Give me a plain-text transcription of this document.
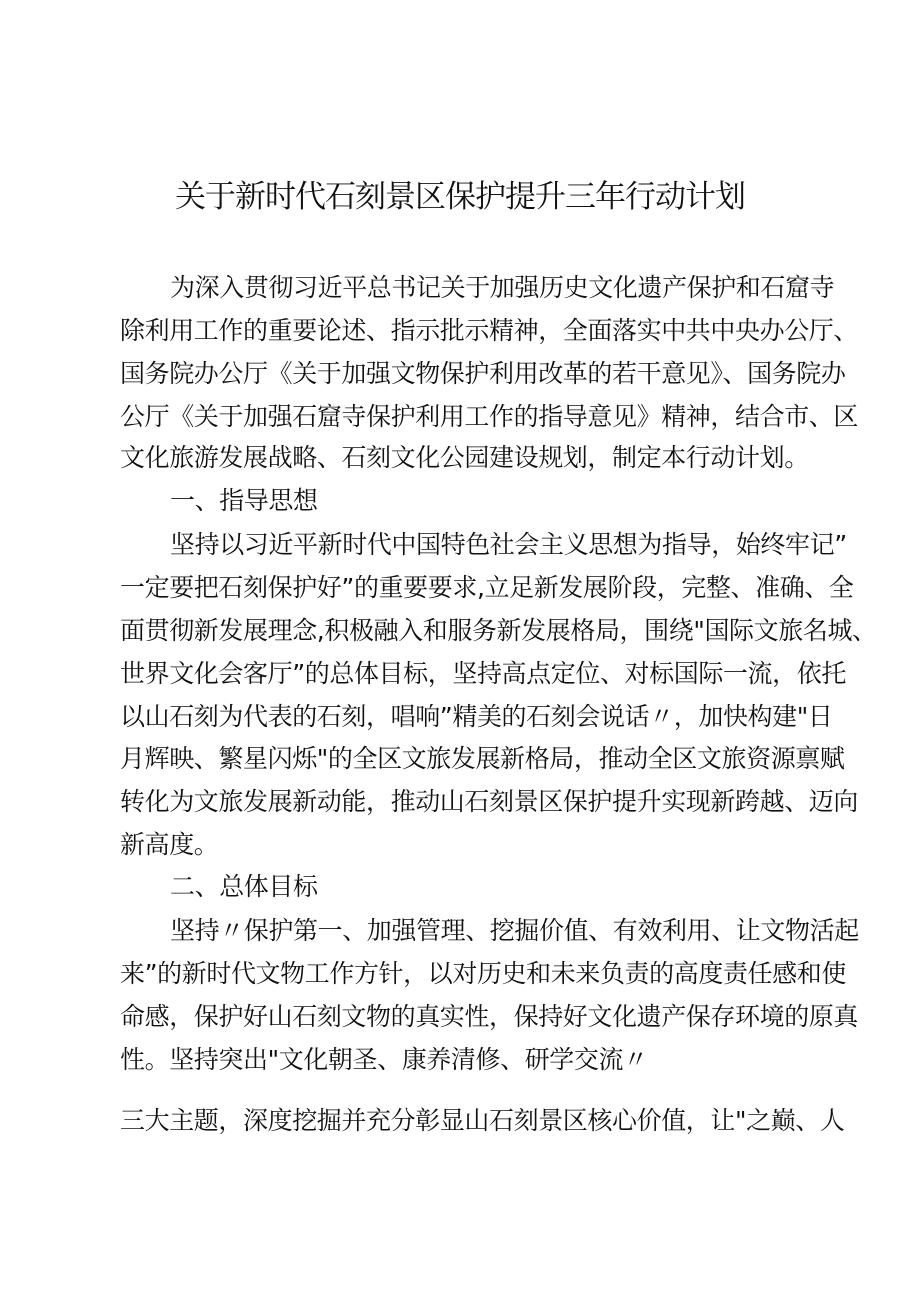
关于新时代石刻景区保护提升三年行动计划

为深入贯彻习近平总书记关于加强历史文化遗产保护和石窟寺

除利用工作的重要论述、指示批示精神，全面落实中共中央办公厅、

国务院办公厅《关于加强文物保护利用改革的若干意见》、国务院办

公厅《关于加强石窟寺保护利用工作的指导意见》精神，结合市、区

文化旅游发展战略、石刻文化公园建设规划，制定本行动计划。

一、指导思想

坚持以习近平新时代中国特色社会主义思想为指导，始终牢记”

一定要把石刻保护好”的重要要求,立足新发展阶段，完整、准确、全

面贯彻新发展理念,积极融入和服务新发展格局，围绕"国际文旅名城、

世界文化会客厅”的总体目标，坚持高点定位、对标国际一流，依托

以山石刻为代表的石刻，唱响”精美的石刻会说话〃，加快构建"日

月辉映、繁星闪烁"的全区文旅发展新格局，推动全区文旅资源禀赋

转化为文旅发展新动能，推动山石刻景区保护提升实现新跨越、迈向

新高度。

二、总体目标

坚持〃保护第一、加强管理、挖掘价值、有效利用、让文物活起

来”的新时代文物工作方针，以对历史和未来负责的高度责任感和使

命感，保护好山石刻文物的真实性，保持好文化遗产保存环境的原真

性。坚持突出"文化朝圣、康养清修、研学交流〃

三大主题，深度挖掘并充分彰显山石刻景区核心价值，让"之巅、人
